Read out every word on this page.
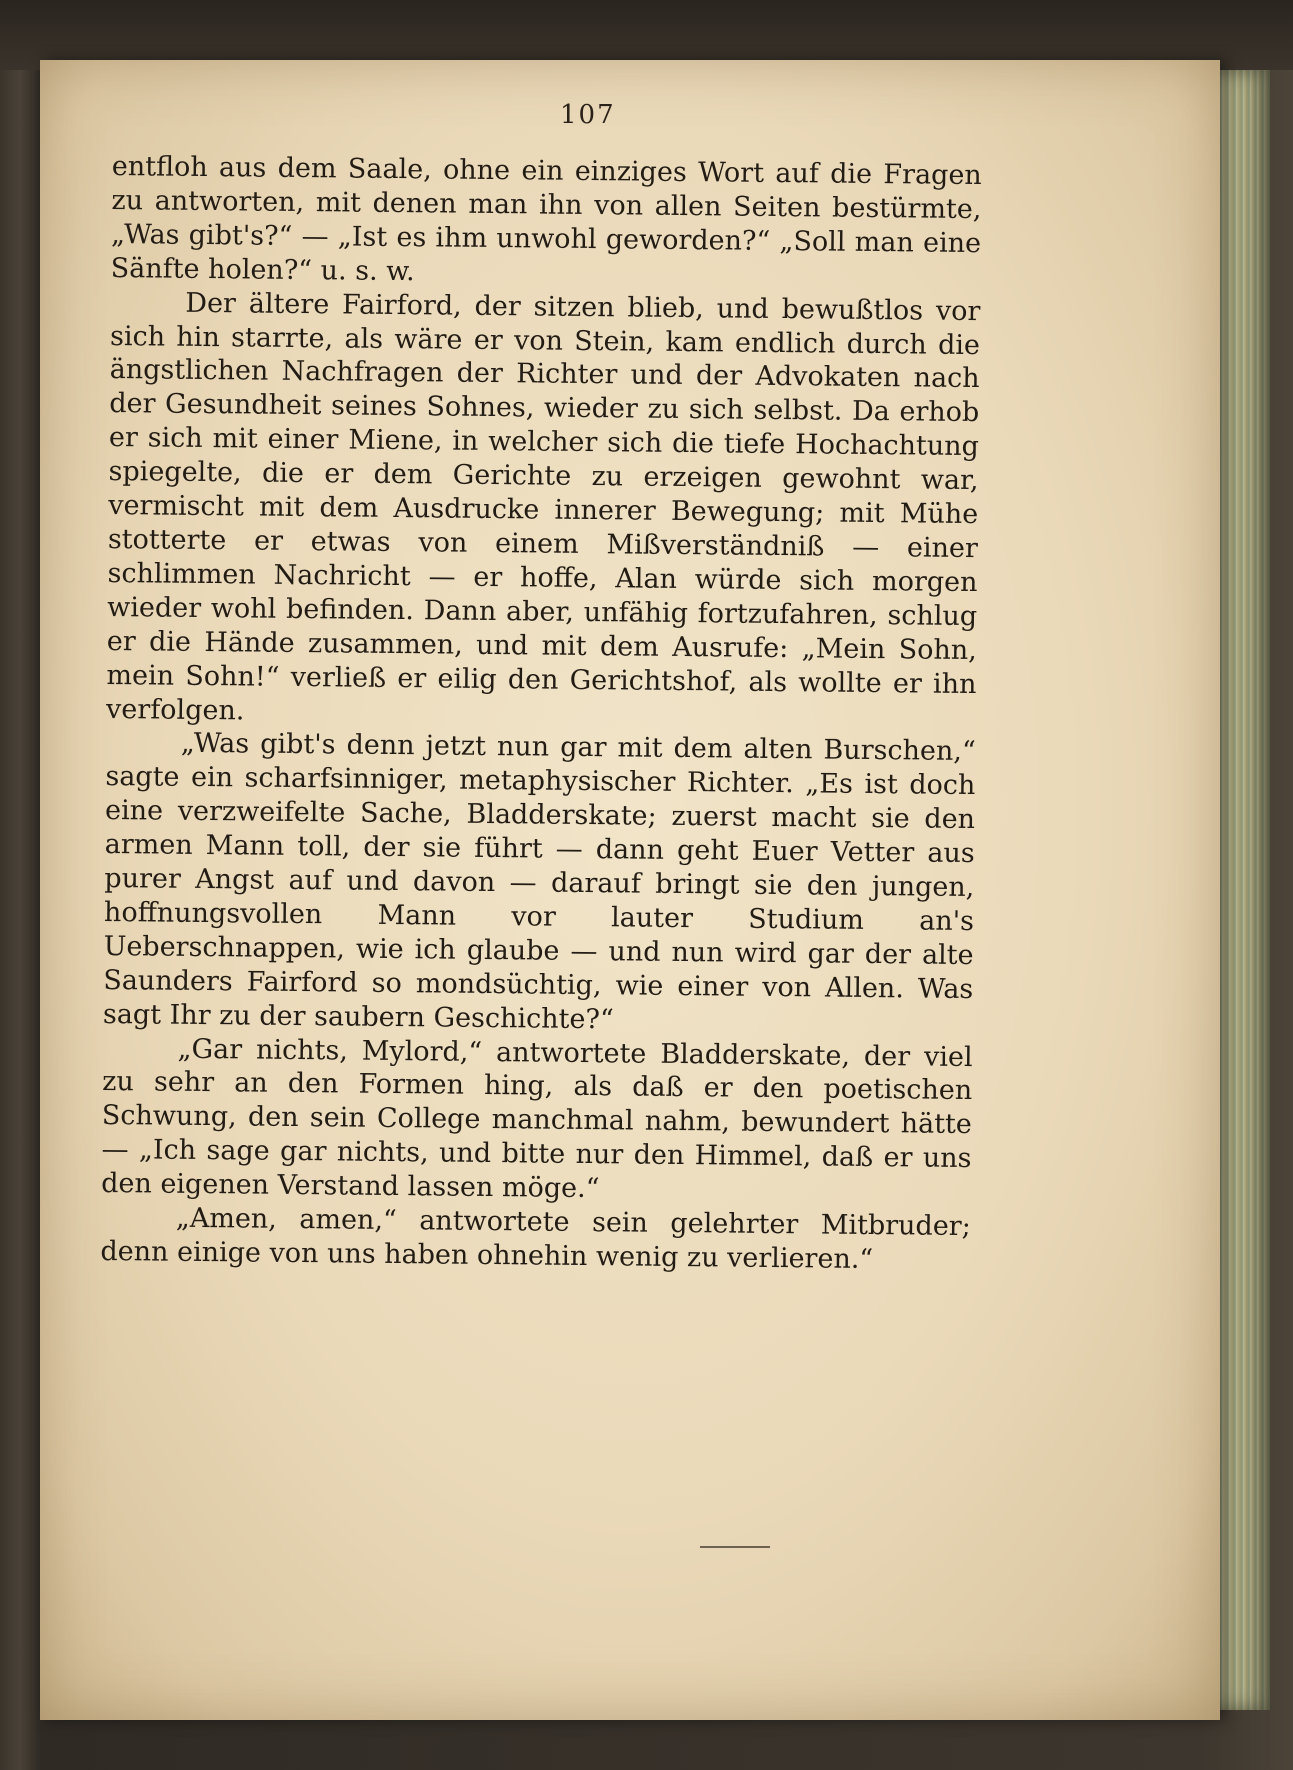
107

entfloh aus dem Saale, ohne ein einziges Wort auf die Fragen zu antworten, mit denen man ihn von allen Seiten bestürmte, „Was gibt's?“ — „Ist es ihm unwohl geworden?“ „Soll man eine Sänfte holen?“ u. s. w.

Der ältere Fairford, der sitzen blieb, und bewußtlos vor sich hin starrte, als wäre er von Stein, kam endlich durch die ängstlichen Nachfragen der Richter und der Advokaten nach der Gesundheit seines Sohnes, wieder zu sich selbst. Da erhob er sich mit einer Miene, in welcher sich die tiefe Hochachtung spiegelte, die er dem Gerichte zu erzeigen gewohnt war, vermischt mit dem Ausdrucke innerer Bewegung; mit Mühe stotterte er etwas von einem Mißverständniß — einer schlimmen Nachricht — er hoffe, Alan würde sich morgen wieder wohl befinden. Dann aber, unfähig fortzufahren, schlug er die Hände zusammen, und mit dem Ausrufe: „Mein Sohn, mein Sohn!“ verließ er eilig den Gerichtshof, als wollte er ihn verfolgen.

„Was gibt's denn jetzt nun gar mit dem alten Burschen,“ sagte ein scharfsinniger, metaphysischer Richter. „Es ist doch eine verzweifelte Sache, Bladderskate; zuerst macht sie den armen Mann toll, der sie führt — dann geht Euer Vetter aus purer Angst auf und davon — darauf bringt sie den jungen, hoffnungsvollen Mann vor lauter Studium an's Ueberschnappen, wie ich glaube — und nun wird gar der alte Saunders Fairford so mondsüchtig, wie einer von Allen. Was sagt Ihr zu der saubern Geschichte?“

„Gar nichts, Mylord,“ antwortete Bladderskate, der viel zu sehr an den Formen hing, als daß er den poetischen Schwung, den sein College manchmal nahm, bewundert hätte — „Ich sage gar nichts, und bitte nur den Himmel, daß er uns den eigenen Verstand lassen möge.“

„Amen, amen,“ antwortete sein gelehrter Mitbruder; denn einige von uns haben ohnehin wenig zu verlieren.“
